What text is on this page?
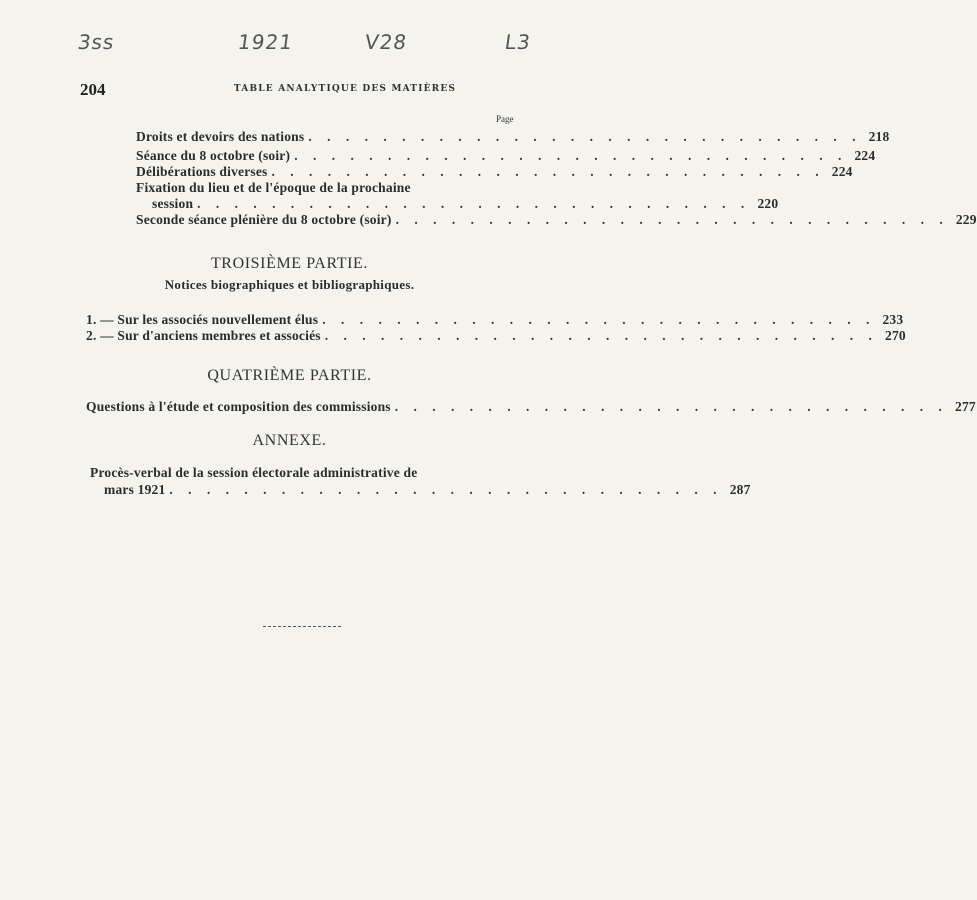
3ss	1921	V28	L3
204	TABLE ANALYTIQUE DES MATIÈRES
Page
Droits et devoirs des nations . . . . . . . . . . . . . . . . . . . . . . . . . . . . . . 218
Séance du 8 octobre (soir) . . . . . . . . . . . . . . . . . . . . . . . . . . . . . . 224
Délibérations diverses . . . . . . . . . . . . . . . . . . . . . . . . . . . . . . 224
Fixation du lieu et de l'époque de la prochaine
session . . . . . . . . . . . . . . . . . . . . . . . . . . . . . . 220
Seconde séance plénière du 8 octobre (soir) . . . . . . . . . . . . . . . . . . . . . . . . . . . . . . 229
TROISIÈME PARTIE.
Notices biographiques et bibliographiques.
1. — Sur les associés nouvellement élus . . . . . . . . . . . . . . . . . . . . . . . . . . . . . . 233
2. — Sur d'anciens membres et associés . . . . . . . . . . . . . . . . . . . . . . . . . . . . . . 270
QUATRIÈME PARTIE.
Questions à l'étude et composition des commissions . . . . . . . . . . . . . . . . . . . . . . . . . . . . . . 277
ANNEXE.
Procès-verbal de la session électorale administrative de
mars 1921 . . . . . . . . . . . . . . . . . . . . . . . . . . . . . . 287
